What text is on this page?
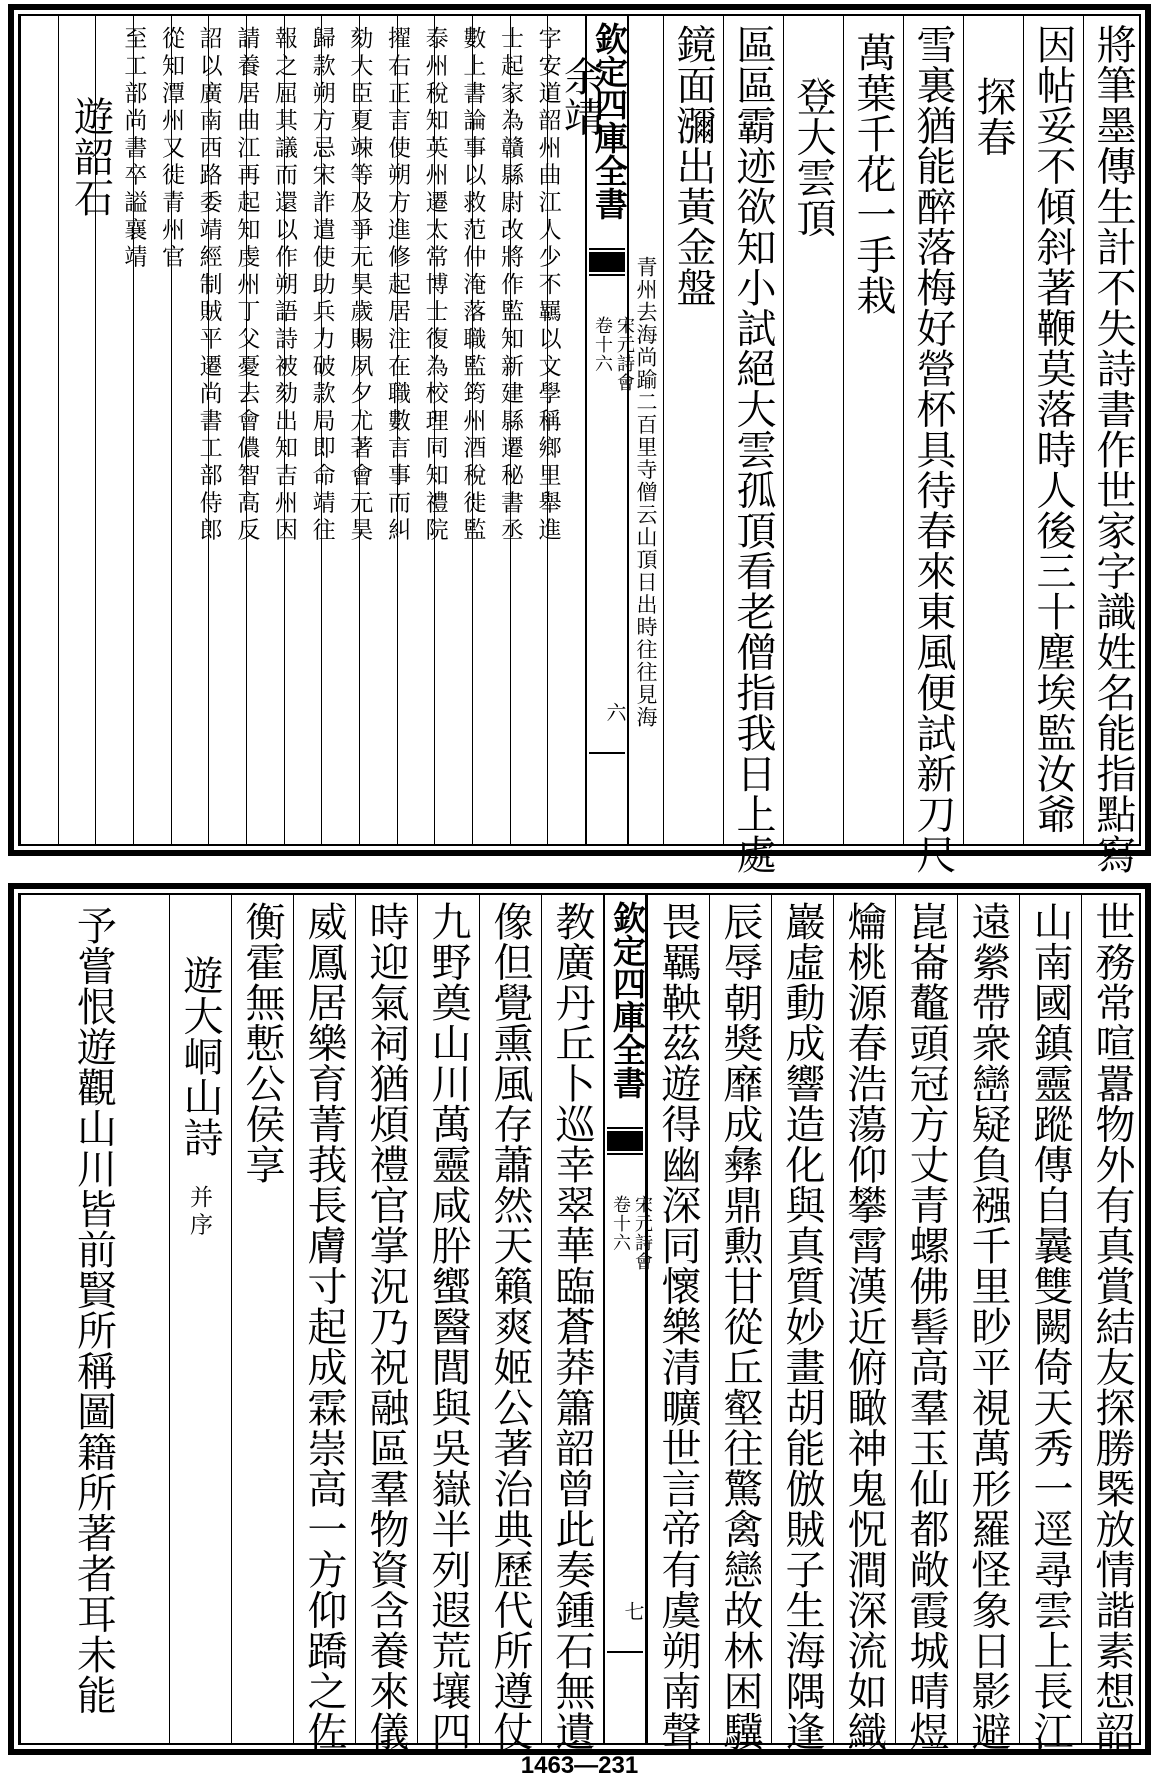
將筆墨傳生計不失詩書作世家字識姓名能指點寫
因帖妥不傾斜著鞭莫落時人後三十塵埃監汝爺
探春
雪裏猶能醉落梅好營杯具待春來東風便試新刀尺
萬葉千花一手栽
登大雲頂
區區霸迹欲知小試絕大雲孤頂看老僧指我日上處
鏡面瀰出黃金盤
青州去海尚踰二百里寺僧云山頂日出時往往見海
欽定四庫全書
宋元詩會
卷十六
六
余靖
字安道韶州曲江人少不羈以文學稱鄉里舉進
士起家為贛縣尉改將作監知新建縣遷秘書丞
數上書論事以救范仲淹落職監筠州酒稅徙監
泰州稅知英州遷太常博士復為校理同知禮院
擢右正言使朔方進修起居注在職數言事而糾
劾大臣夏竦等及爭元昊歲賜夙夕尤著會元昊
歸款朔方忌宋詐遣使助兵力破款局即命靖往
報之屈其議而還以作朔語詩被劾出知吉州因
請養居曲江再起知虔州丁父憂去會儂智高反
詔以廣南西路委靖經制賊平遷尚書工部侍郎
從知潭州又徙青州官
至工部尚書卒謚襄靖
遊韶石
世務常喧囂物外有真賞結友探勝槩放情諧素想韶
山南國鎮靈蹤傳自曩雙闕倚天秀一逕尋雲上長江
遠縈帶衆巒疑負襁千里眇平視萬形羅怪象日影避
崑崙鼇頭冠方丈青螺佛髻高羣玉仙都敞霞城晴煜
爚桃源春浩蕩仰攀霄漢近俯瞰神鬼怳澗深流如織
巖虛動成響造化與真質妙畫胡能倣賊子生海隅逢
辰辱朝獎靡成彝鼎勲甘從丘壑往驚禽戀故林困驥
畏羈鞅茲遊得幽深同懷樂清曠世言帝有虞朔南聲
欽定四庫全書
宋元詩會
卷十六
七
教廣丹丘卜巡幸翠華臨蒼莽簫韶曾此奏鍾石無遺
像但覺熏風存蕭然天籟爽姬公著治典歷代所遵仗
九野奠山川萬靈咸肸蠁醫閭與吳嶽半列遐荒壤四
時迎氣祠猶煩禮官掌況乃祝融區羣物資含養來儀
威鳳居樂育菁莪長膚寸起成霖崇高一方仰蹻之佐
衡霍無慙公侯享
遊大峒山詩
并序
予嘗恨遊觀山川皆前賢所稱圖籍所著者耳未能
1463—231
